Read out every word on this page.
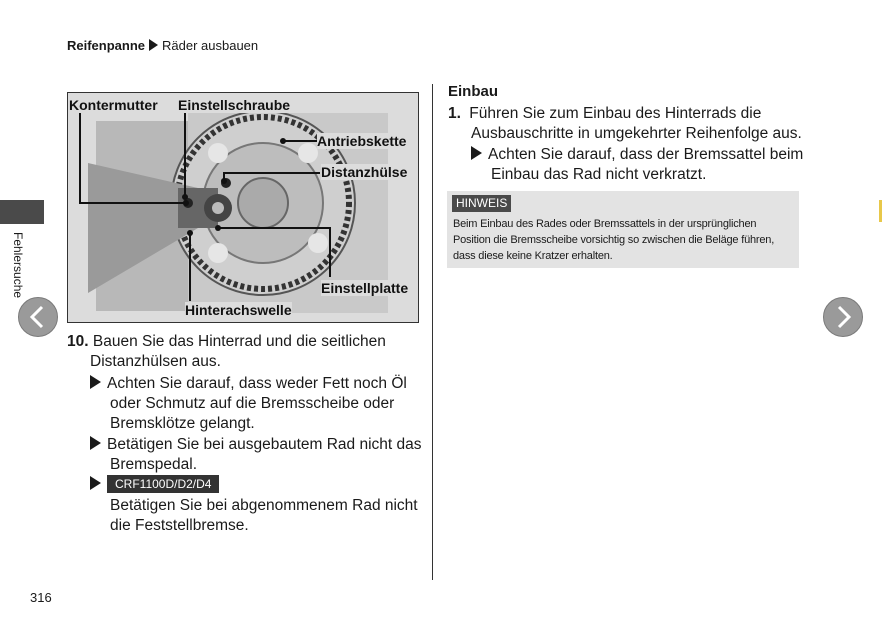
Reifenpanne Räder ausbauen
Fehlersuche
Kontermutter Einstellschraube
Antriebskette
Distanzhülse
Einstellplatte
Hinterachswelle
10. Bauen Sie das Hinterrad und die seitlichen
Distanzhülsen aus.
Achten Sie darauf, dass weder Fett noch Öl
oder Schmutz auf die Bremsscheibe oder
Bremsklötze gelangt.
Betätigen Sie bei ausgebautem Rad nicht das
Bremspedal.
CRF1100D/D2/D4
Betätigen Sie bei abgenommenem Rad nicht
die Feststellbremse.
Einbau
1. Führen Sie zum Einbau des Hinterrads die
Ausbauschritte in umgekehrter Reihenfolge aus.
Achten Sie darauf, dass der Bremssattel beim
Einbau das Rad nicht verkratzt.
HINWEIS
Beim Einbau des Rades oder Bremssattels in der ursprünglichen
Position die Bremsscheibe vorsichtig so zwischen die Beläge führen,
dass diese keine Kratzer erhalten.
316
